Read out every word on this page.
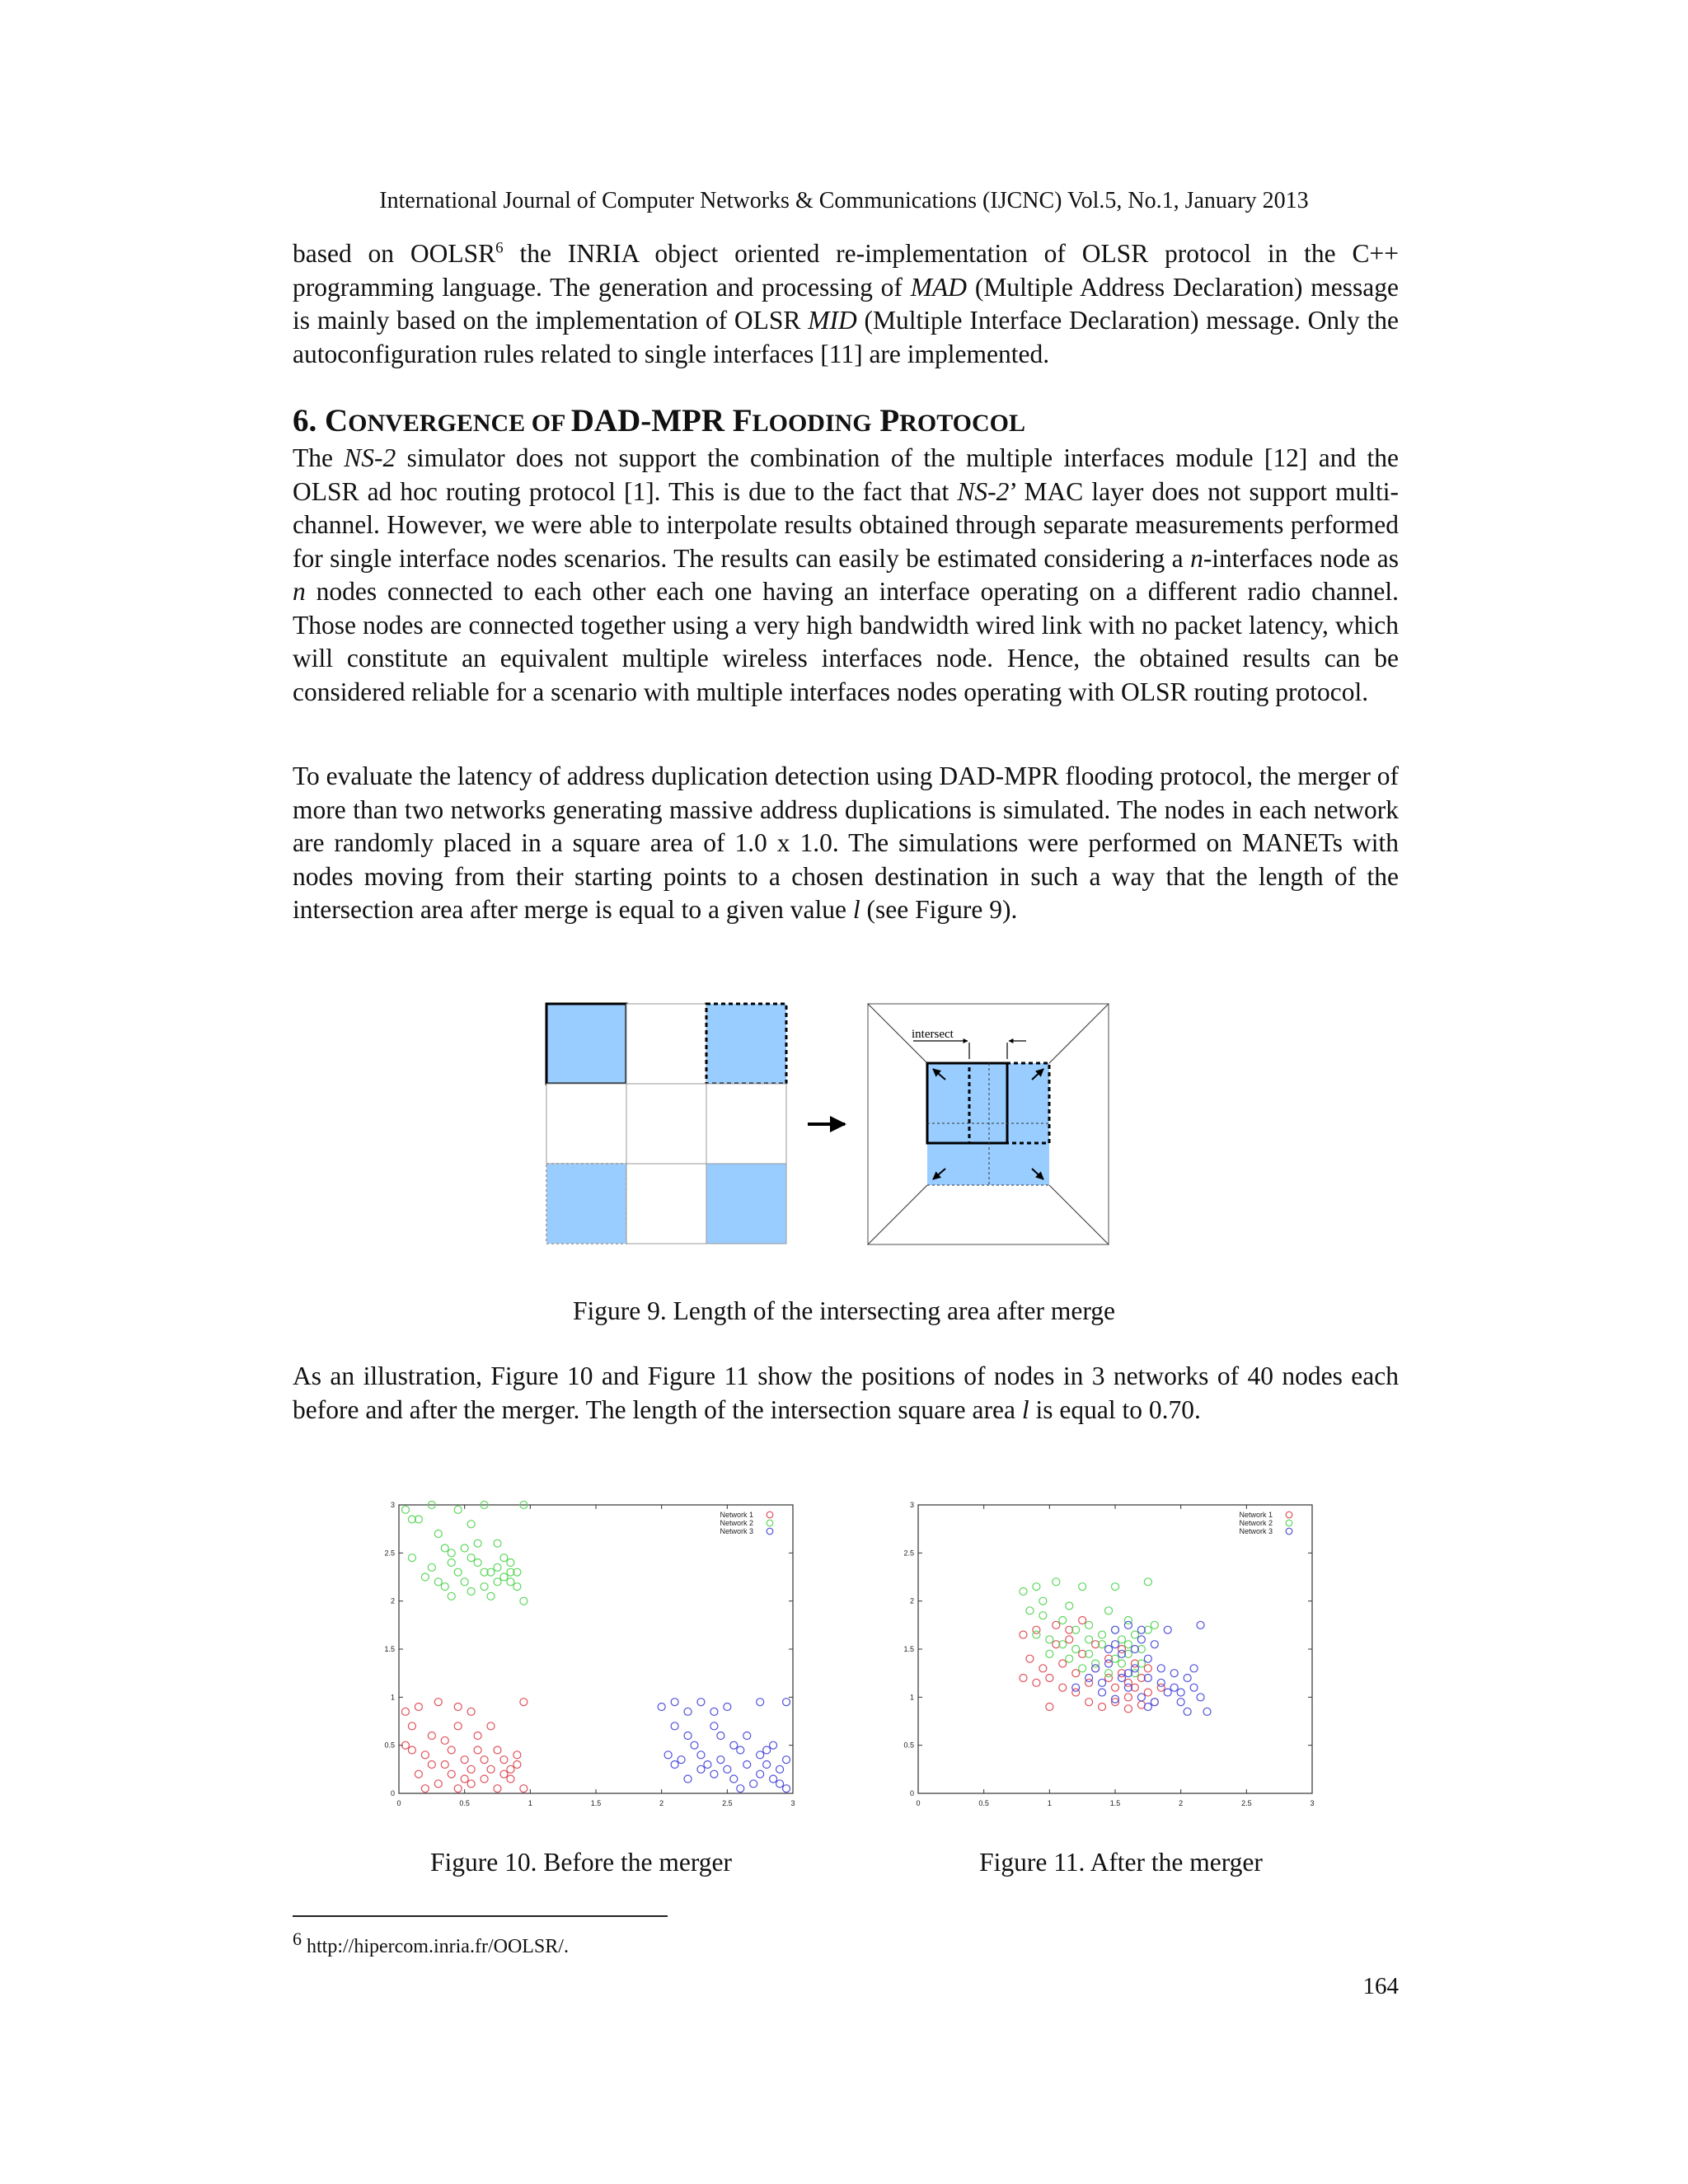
International Journal of Computer Networks & Communications (IJCNC) Vol.5, No.1, January 2013
based on OOLSR$^6$ the INRIA object oriented re-implementation of OLSR protocol in the C++ programming language. The generation and processing of MAD (Multiple Address Declaration) message is mainly based on the implementation of OLSR MID (Multiple Interface Declaration) message. Only the autoconfiguration rules related to single interfaces [11] are implemented.
6. CONVERGENCE OF DAD-MPR FLOODING PROTOCOL
The NS-2 simulator does not support the combination of the multiple interfaces module [12] and the OLSR ad hoc routing protocol [1]. This is due to the fact that NS-2’ MAC layer does not support multi-channel. However, we were able to interpolate results obtained through separate measurements performed for single interface nodes scenarios. The results can easily be estimated considering a n-interfaces node as n nodes connected to each other each one having an interface operating on a different radio channel. Those nodes are connected together using a very high bandwidth wired link with no packet latency, which will constitute an equivalent multiple wireless interfaces node. Hence, the obtained results can be considered reliable for a scenario with multiple interfaces nodes operating with OLSR routing protocol.
To evaluate the latency of address duplication detection using DAD-MPR flooding protocol, the merger of more than two networks generating massive address duplications is simulated. The nodes in each network are randomly placed in a square area of 1.0 x 1.0. The simulations were performed on MANETs with nodes moving from their starting points to a chosen destination in such a way that the length of the intersection area after merge is equal to a given value l (see Figure 9).
intersect
Figure 9. Length of the intersecting area after merge
As an illustration, Figure 10 and Figure 11 show the positions of nodes in 3 networks of 40 nodes each before and after the merger. The length of the intersection square area l is equal to 0.70.
0	0.5	1	1.5	2	2.5	3
0
0.5
1
1.5
2
2.5
3
Network 1
Network 2
Network 3
0	0.5	1	1.5	2	2.5	3
0
0.5
1
1.5
2
2.5
3
Network 1
Network 2
Network 3
Figure 10. Before the merger	Figure 11. After the merger
$^6$ http://hipercom.inria.fr/OOLSR/.
164
